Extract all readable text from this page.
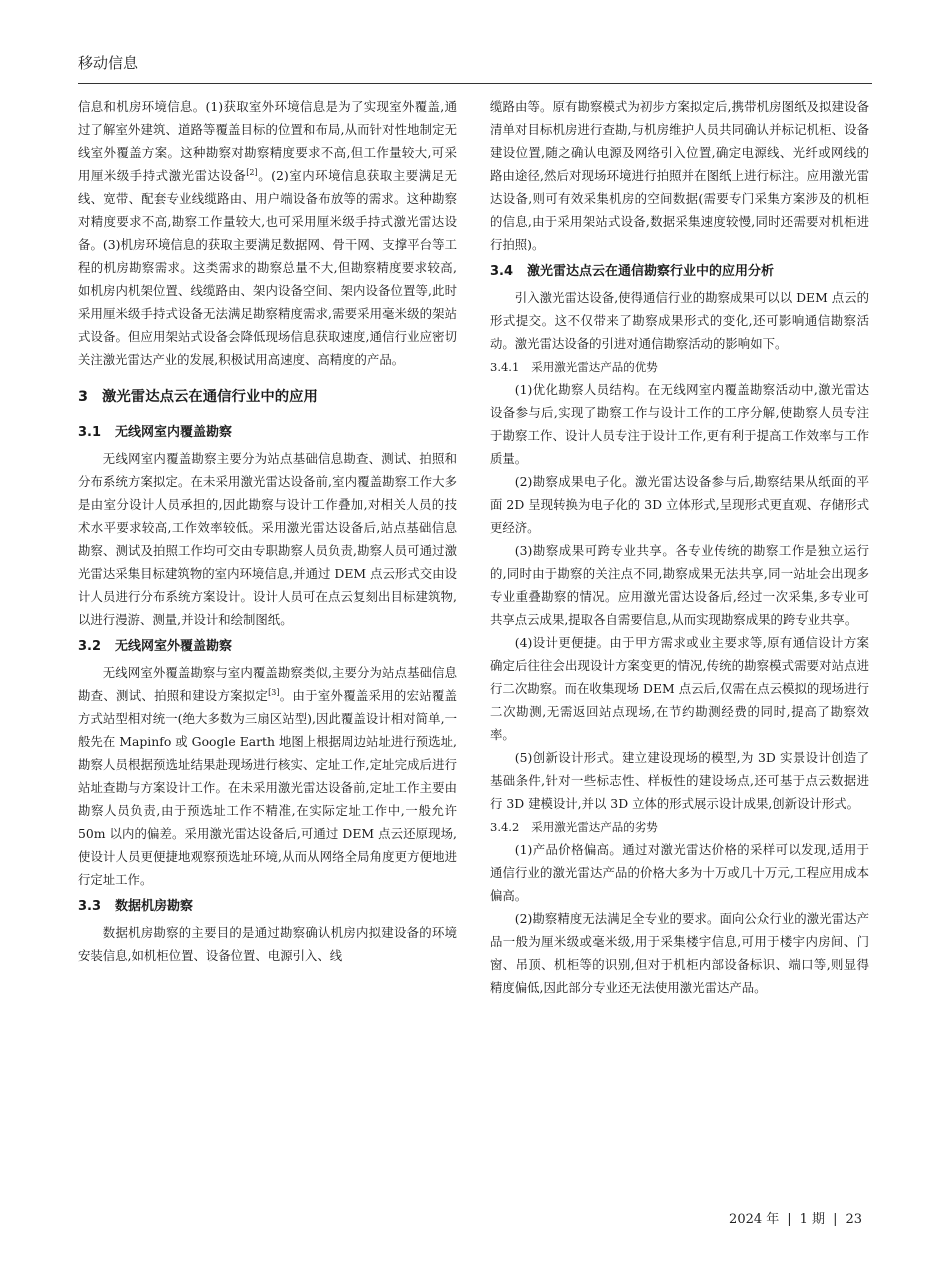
移动信息

信息和机房环境信息。(1)获取室外环境信息是为了实现室外覆盖,通过了解室外建筑、道路等覆盖目标的位置和布局,从而针对性地制定无线室外覆盖方案。这种勘察对勘察精度要求不高,但工作量较大,可采用厘米级手持式激光雷达设备[2]。(2)室内环境信息获取主要满足无线、宽带、配套专业线缆路由、用户端设备布放等的需求。这种勘察对精度要求不高,勘察工作量较大,也可采用厘米级手持式激光雷达设备。(3)机房环境信息的获取主要满足数据网、骨干网、支撑平台等工程的机房勘察需求。这类需求的勘察总量不大,但勘察精度要求较高,如机房内机架位置、线缆路由、架内设备空间、架内设备位置等,此时采用厘米级手持式设备无法满足勘察精度需求,需要采用毫米级的架站式设备。但应用架站式设备会降低现场信息获取速度,通信行业应密切关注激光雷达产业的发展,积极试用高速度、高精度的产品。

3 激光雷达点云在通信行业中的应用
3.1 无线网室内覆盖勘察

无线网室内覆盖勘察主要分为站点基础信息勘查、测试、拍照和分布系统方案拟定。在未采用激光雷达设备前,室内覆盖勘察工作大多是由室分设计人员承担的,因此勘察与设计工作叠加,对相关人员的技术水平要求较高,工作效率较低。采用激光雷达设备后,站点基础信息勘察、测试及拍照工作均可交由专职勘察人员负责,勘察人员可通过激光雷达采集目标建筑物的室内环境信息,并通过 DEM 点云形式交由设计人员进行分布系统方案设计。设计人员可在点云复刻出目标建筑物,以进行漫游、测量,并设计和绘制图纸。

3.2 无线网室外覆盖勘察

无线网室外覆盖勘察与室内覆盖勘察类似,主要分为站点基础信息勘查、测试、拍照和建设方案拟定[3]。由于室外覆盖采用的宏站覆盖方式站型相对统一(绝大多数为三扇区站型),因此覆盖设计相对简单,一般先在 Mapinfo 或 Google Earth 地图上根据周边站址进行预选址,勘察人员根据预选址结果赴现场进行核实、定址工作,定址完成后进行站址查勘与方案设计工作。在未采用激光雷达设备前,定址工作主要由勘察人员负责,由于预选址工作不精准,在实际定址工作中,一般允许 50m 以内的偏差。采用激光雷达设备后,可通过 DEM 点云还原现场,使设计人员更便捷地观察预选址环境,从而从网络全局角度更方便地进行定址工作。

3.3 数据机房勘察

数据机房勘察的主要目的是通过勘察确认机房内拟建设备的环境安装信息,如机柜位置、设备位置、电源引入、线

缆路由等。原有勘察模式为初步方案拟定后,携带机房图纸及拟建设备清单对目标机房进行查勘,与机房维护人员共同确认并标记机柜、设备建设位置,随之确认电源及网络引入位置,确定电源线、光纤或网线的路由途径,然后对现场环境进行拍照并在图纸上进行标注。应用激光雷达设备,则可有效采集机房的空间数据(需要专门采集方案涉及的机柜的信息,由于采用架站式设备,数据采集速度较慢,同时还需要对机柜进行拍照)。

3.4 激光雷达点云在通信勘察行业中的应用分析

引入激光雷达设备,使得通信行业的勘察成果可以以 DEM 点云的形式提交。这不仅带来了勘察成果形式的变化,还可影响通信勘察活动。激光雷达设备的引进对通信勘察活动的影响如下。

3.4.1 采用激光雷达产品的优势

(1)优化勘察人员结构。在无线网室内覆盖勘察活动中,激光雷达设备参与后,实现了勘察工作与设计工作的工序分解,使勘察人员专注于勘察工作、设计人员专注于设计工作,更有利于提高工作效率与工作质量。

(2)勘察成果电子化。激光雷达设备参与后,勘察结果从纸面的平面 2D 呈现转换为电子化的 3D 立体形式,呈现形式更直观、存储形式更经济。

(3)勘察成果可跨专业共享。各专业传统的勘察工作是独立运行的,同时由于勘察的关注点不同,勘察成果无法共享,同一站址会出现多专业重叠勘察的情况。应用激光雷达设备后,经过一次采集,多专业可共享点云成果,提取各自需要信息,从而实现勘察成果的跨专业共享。

(4)设计更便捷。由于甲方需求或业主要求等,原有通信设计方案确定后往往会出现设计方案变更的情况,传统的勘察模式需要对站点进行二次勘察。而在收集现场 DEM 点云后,仅需在点云模拟的现场进行二次勘测,无需返回站点现场,在节约勘测经费的同时,提高了勘察效率。

(5)创新设计形式。建立建设现场的模型,为 3D 实景设计创造了基础条件,针对一些标志性、样板性的建设场点,还可基于点云数据进行 3D 建模设计,并以 3D 立体的形式展示设计成果,创新设计形式。

3.4.2 采用激光雷达产品的劣势

(1)产品价格偏高。通过对激光雷达价格的采样可以发现,适用于通信行业的激光雷达产品的价格大多为十万或几十万元,工程应用成本偏高。

(2)勘察精度无法满足全专业的要求。面向公众行业的激光雷达产品一般为厘米级或毫米级,用于采集楼宇信息,可用于楼宇内房间、门窗、吊顶、机柜等的识别,但对于机柜内部设备标识、端口等,则显得精度偏低,因此部分专业还无法使用激光雷达产品。

2024 年 | 1 期 | 23
